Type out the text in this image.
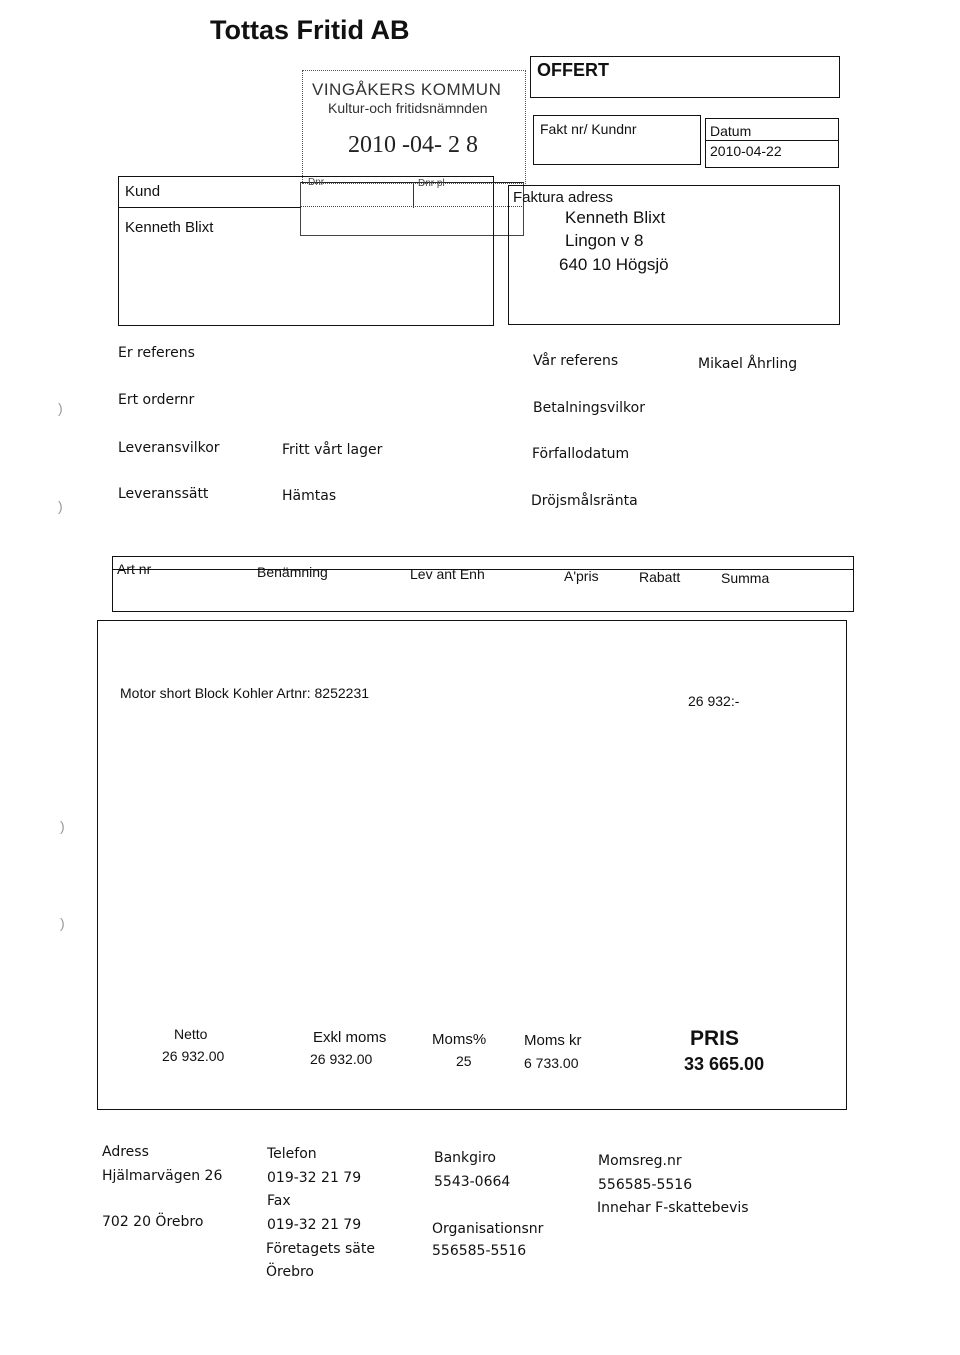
Tottas Fritid AB
VINGÅKERS KOMMUN
Kultur-och fritidsnämnden
2010 -04- 2 8
Dnr	Dnr pl
OFFERT
Fakt nr/ Kundnr	Datum
2010-04-22
Kund
Kenneth Blixt
Faktura adress
Kenneth Blixt
Lingon v 8
640 10 Högsjö
Er referens	Vår referens	Mikael Åhrling
Ert ordernr	Betalningsvilkor
Leveransvilkor	Fritt vårt lager	Förfallodatum
Leveranssätt	Hämtas	Dröjsmålsränta
Art nr	Benämning	Lev ant Enh	A'pris	Rabatt	Summa
Motor short Block Kohler Artnr: 8252231	26 932:-
Netto
26 932.00
Exkl moms
26 932.00
Moms%
25
Moms kr
6 733.00
PRIS
33 665.00
Adress
Hjälmarvägen 26
702 20 Örebro
Telefon
019-32 21 79
Fax
019-32 21 79
Företagets säte
Örebro
Bankgiro
5543-0664
Organisationsnr
556585-5516
Momsreg.nr
556585-5516
Innehar F-skattebevis
)
)
)
)
